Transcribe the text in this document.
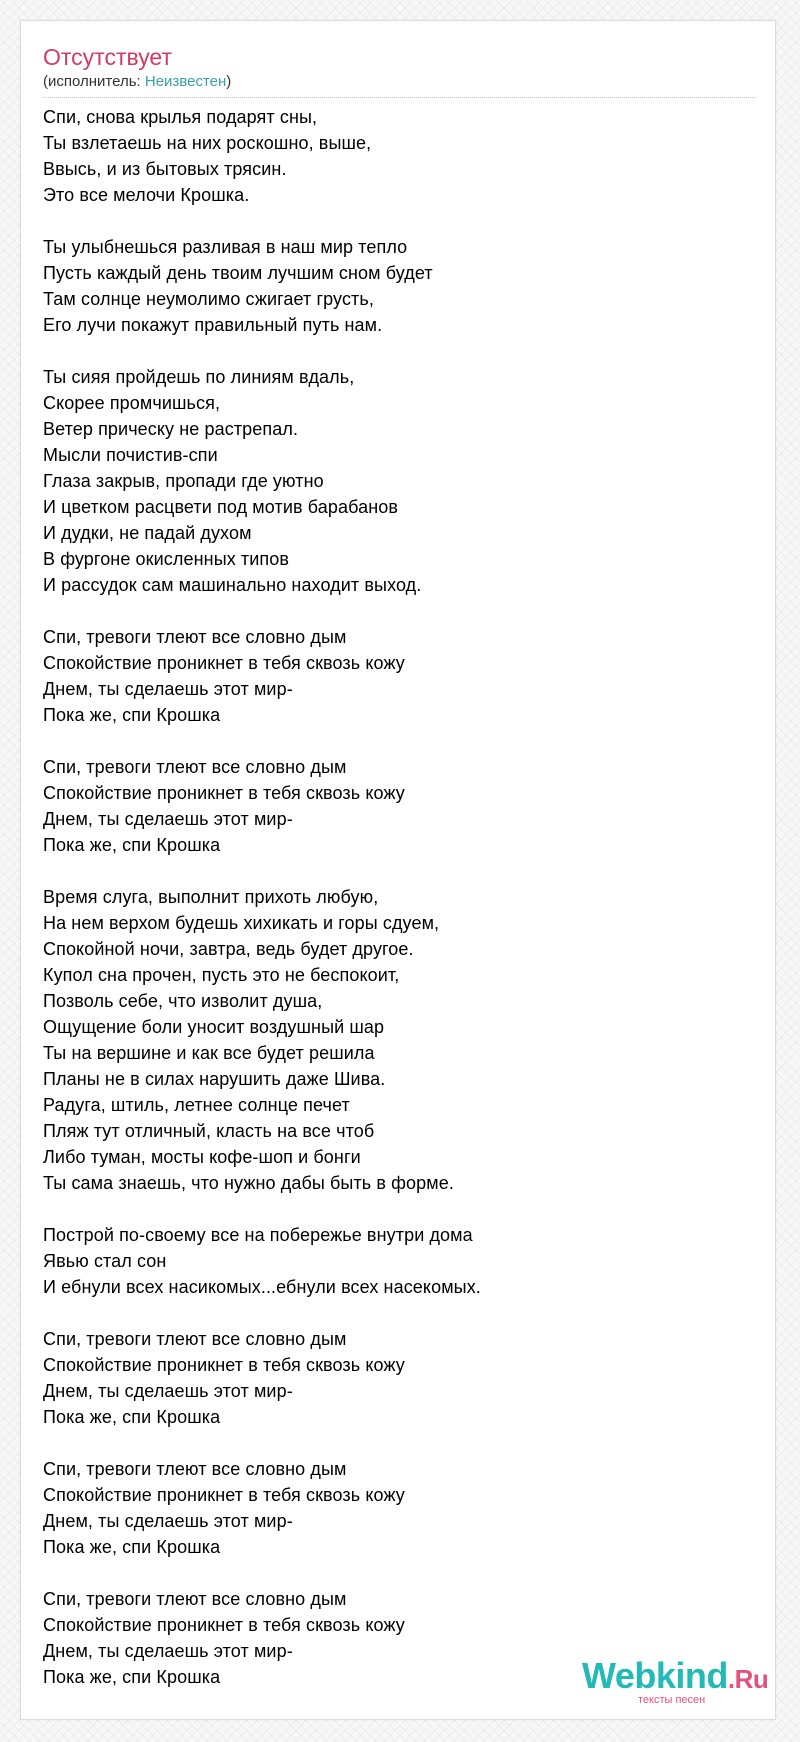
Отсутствует
(исполнитель: Неизвестен)
Спи, снова крылья подарят сны,
Ты взлетаешь на них роскошно, выше,
Ввысь, и из бытовых трясин.
Это все мелочи Крошка.
Ты улыбнешься разливая в наш мир тепло
Пусть каждый день твоим лучшим сном будет
Там солнце неумолимо сжигает грусть,
Его лучи покажут правильный путь нам.
Ты сияя пройдешь по линиям вдаль,
Скорее промчишься,
Ветер прическу не растрепал.
Мысли почистив-спи
Глаза закрыв, пропади где уютно
И цветком расцвети под мотив барабанов
И дудки, не падай духом
В фургоне окисленных типов
И рассудок сам машинально находит выход.
Спи, тревоги тлеют все словно дым
Спокойствие проникнет в тебя сквозь кожу
Днем, ты сделаешь этот мир-
Пока же, спи Крошка
Спи, тревоги тлеют все словно дым
Спокойствие проникнет в тебя сквозь кожу
Днем, ты сделаешь этот мир-
Пока же, спи Крошка
Время слуга, выполнит прихоть любую,
На нем верхом будешь хихикать и горы сдуем,
Спокойной ночи, завтра, ведь будет другое.
Купол сна прочен, пусть это не беспокоит,
Позволь себе, что изволит душа,
Ощущение боли уносит воздушный шар
Ты на вершине и как все будет решила
Планы не в силах нарушить даже Шива.
Радуга, штиль, летнее солнце печет
Пляж тут отличный, класть на все чтоб
Либо туман, мосты кофе-шоп и бонги
Ты сама знаешь, что нужно дабы быть в форме.
Построй по-своему все на побережье внутри дома
Явью стал сон
И ебнули всех насикомых...ебнули всех насекомых.
Спи, тревоги тлеют все словно дым
Спокойствие проникнет в тебя сквозь кожу
Днем, ты сделаешь этот мир-
Пока же, спи Крошка
Спи, тревоги тлеют все словно дым
Спокойствие проникнет в тебя сквозь кожу
Днем, ты сделаешь этот мир-
Пока же, спи Крошка
Спи, тревоги тлеют все словно дым
Спокойствие проникнет в тебя сквозь кожу
Днем, ты сделаешь этот мир-
Пока же, спи Крошка	Webkind.Ru
тексты песен
